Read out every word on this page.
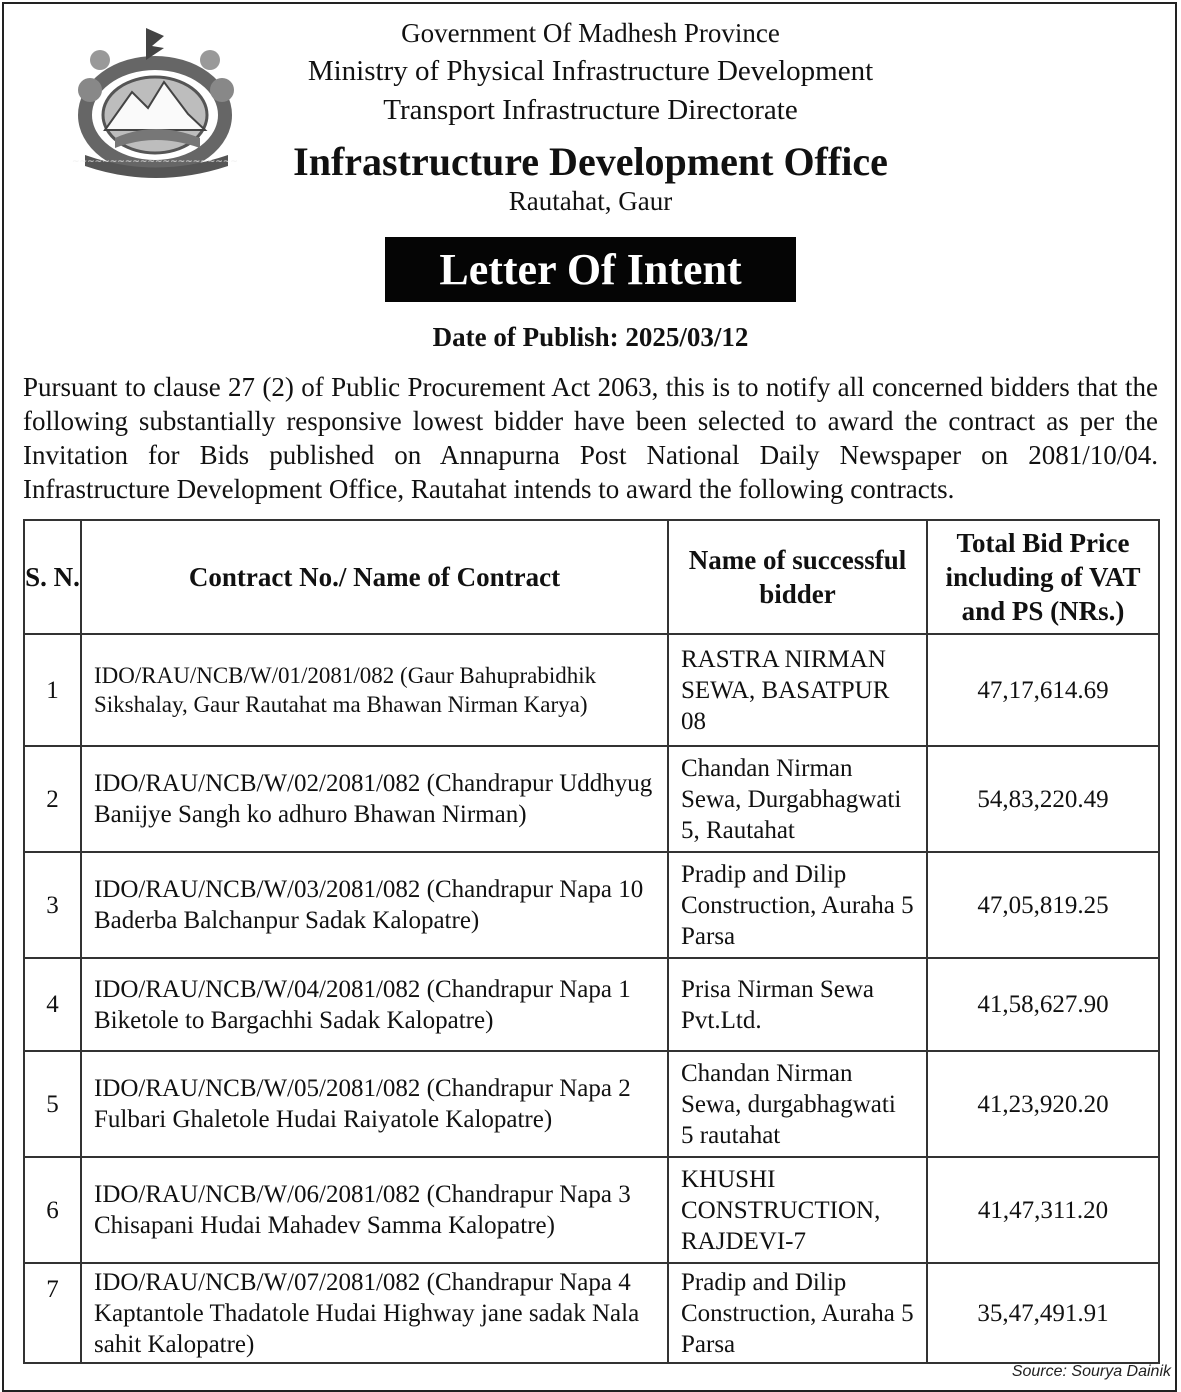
~~~~~~~~~~~~~~~~~~~~~~
Government Of Madhesh Province
Ministry of Physical Infrastructure Development
Transport Infrastructure Directorate
Infrastructure Development Office
Rautahat, Gaur
Letter Of Intent
Date of Publish: 2025/03/12
Pursuant to clause 27 (2) of Public Procurement Act 2063, this is to notify all concerned bidders that the following substantially responsive lowest bidder have been selected to award the contract as per the Invitation for Bids published on Annapurna Post National Daily Newspaper on 2081/10/04. Infrastructure Development Office, Rautahat intends to award the following contracts.
S. N.	Contract No./ Name of Contract	Name of successful bidder	Total Bid Price including of VAT and PS (NRs.)
1	IDO/RAU/NCB/W/01/2081/082 (Gaur Bahuprabidhik Sikshalay, Gaur Rautahat ma Bhawan Nirman Karya)	RASTRA NIRMAN SEWA, BASATPUR 08	47,17,614.69
2	IDO/RAU/NCB/W/02/2081/082 (Chandrapur Uddhyug Banijye Sangh ko adhuro Bhawan Nirman)	Chandan Nirman Sewa, Durgabhagwati 5, Rautahat	54,83,220.49
3	IDO/RAU/NCB/W/03/2081/082 (Chandrapur Napa 10 Baderba Balchanpur Sadak Kalopatre)	Pradip and Dilip Construction, Auraha 5 Parsa	47,05,819.25
4	IDO/RAU/NCB/W/04/2081/082 (Chandrapur Napa 1 Biketole to Bargachhi Sadak Kalopatre)	Prisa Nirman Sewa Pvt.Ltd.	41,58,627.90
5	IDO/RAU/NCB/W/05/2081/082 (Chandrapur Napa 2 Fulbari Ghaletole Hudai Raiyatole Kalopatre)	Chandan Nirman Sewa, durgabhagwati 5 rautahat	41,23,920.20
6	IDO/RAU/NCB/W/06/2081/082 (Chandrapur Napa 3 Chisapani Hudai Mahadev Samma Kalopatre)	KHUSHI CONSTRUCTION, RAJDEVI-7	41,47,311.20
7	IDO/RAU/NCB/W/07/2081/082 (Chandrapur Napa 4 Kaptantole Thadatole Hudai Highway jane sadak Nala sahit Kalopatre)	Pradip and Dilip Construction, Auraha 5 Parsa	35,47,491.91
Source: Sourya Dainik
